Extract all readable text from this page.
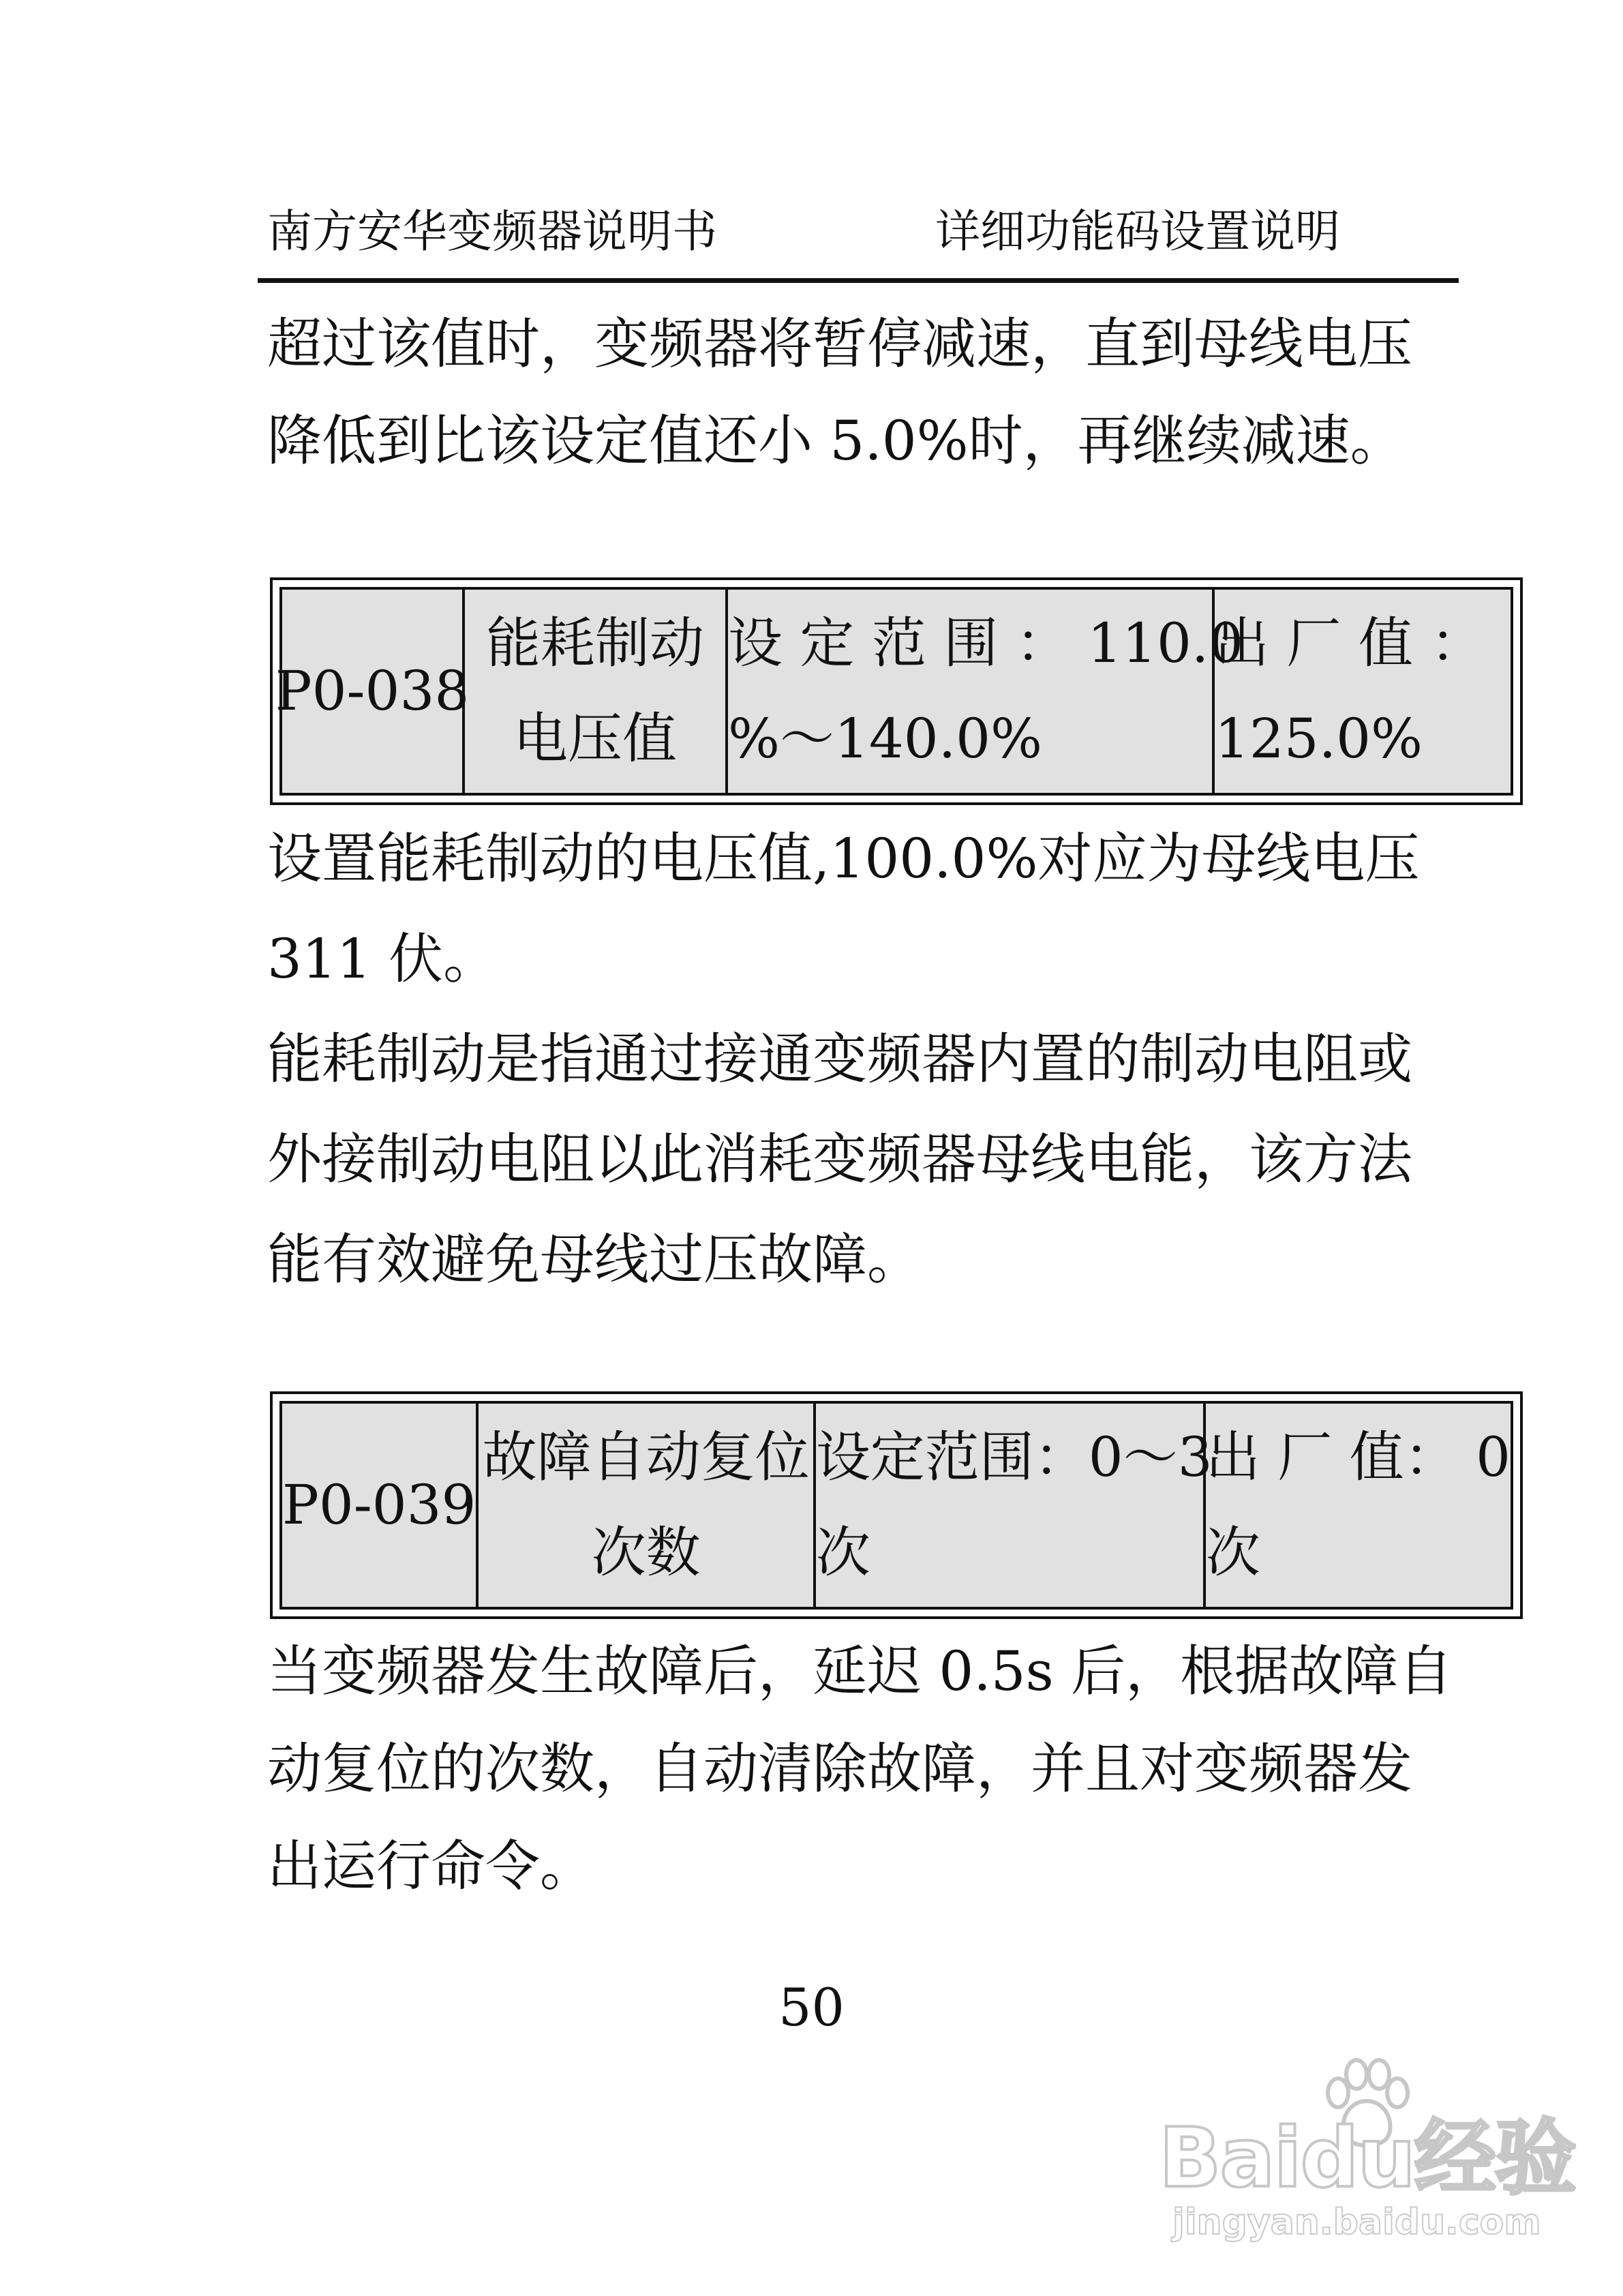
南方安华变频器说明书	详细功能码设置说明
超过该值时，变频器将暂停减速，直到母线电压
降低到比该设定值还小 5.0%时，再继续减速。
P0-038
能耗制动
电压值
设 定 范 围 ： 110.0
%～140.0%
出 厂 值 ：
125.0%
设置能耗制动的电压值,100.0%对应为母线电压
311 伏。
能耗制动是指通过接通变频器内置的制动电阻或
外接制动电阻以此消耗变频器母线电能，该方法
能有效避免母线过压故障。
P0-039
故障自动复位
次数
设定范围：0～3
次
出 厂 值： 0
次
当变频器发生故障后，延迟 0.5s 后，根据故障自
动复位的次数，自动清除故障，并且对变频器发
出运行命令。
50
Baidu经验
jingyan.baidu.com
